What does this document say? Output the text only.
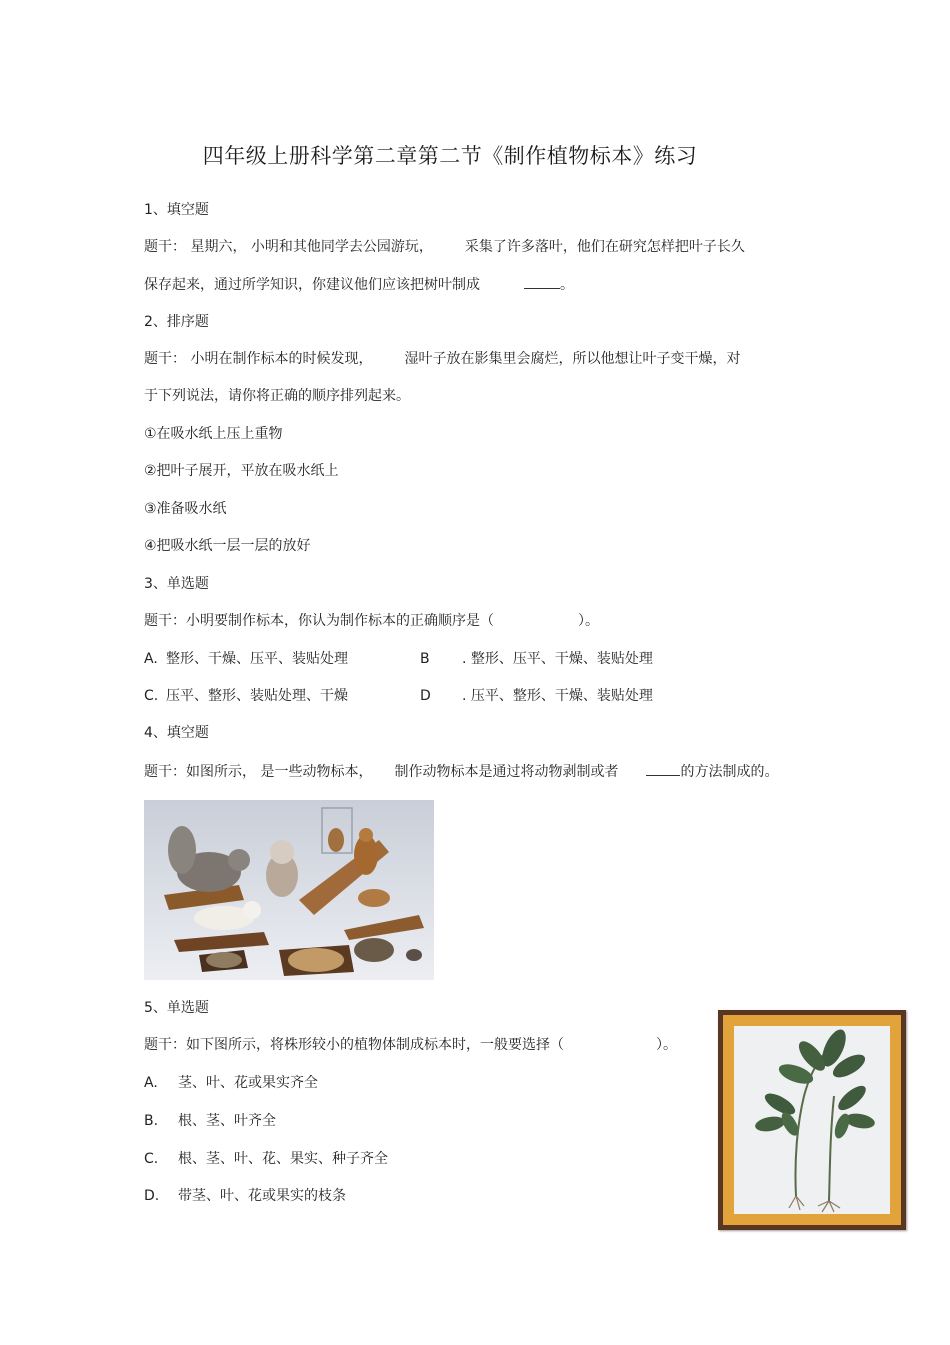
四年级上册科学第二章第二节《制作植物标本》练习
1、填空题
题干： 星期六， 小明和其他同学去公园游玩， 采集了许多落叶，他们在研究怎样把叶子长久
保存起来，通过所学知识，你建议他们应该把树叶制成	。
2、排序题
题干： 小明在制作标本的时候发现， 湿叶子放在影集里会腐烂，所以他想让叶子变干燥，对
于下列说法，请你将正确的顺序排列起来。
①在吸水纸上压上重物
②把叶子展开，平放在吸水纸上
③准备吸水纸
④把吸水纸一层一层的放好
3、单选题
题干：小明要制作标本，你认为制作标本的正确顺序是（	）。
A. 整形、干燥、压平、装贴处理	B . 整形、压平、干燥、装贴处理
C. 压平、整形、装贴处理、干燥	D . 压平、整形、干燥、装贴处理
4、填空题
题干：如图所示， 是一些动物标本， 制作动物标本是通过将动物剥制或者	的方法制成的。
5、单选题
题干：如下图所示，将株形较小的植物体制成标本时，一般要选择（	）。
A. 茎、叶、花或果实齐全
B. 根、茎、叶齐全
C. 根、茎、叶、花、果实、种子齐全
D. 带茎、叶、花或果实的枝条
